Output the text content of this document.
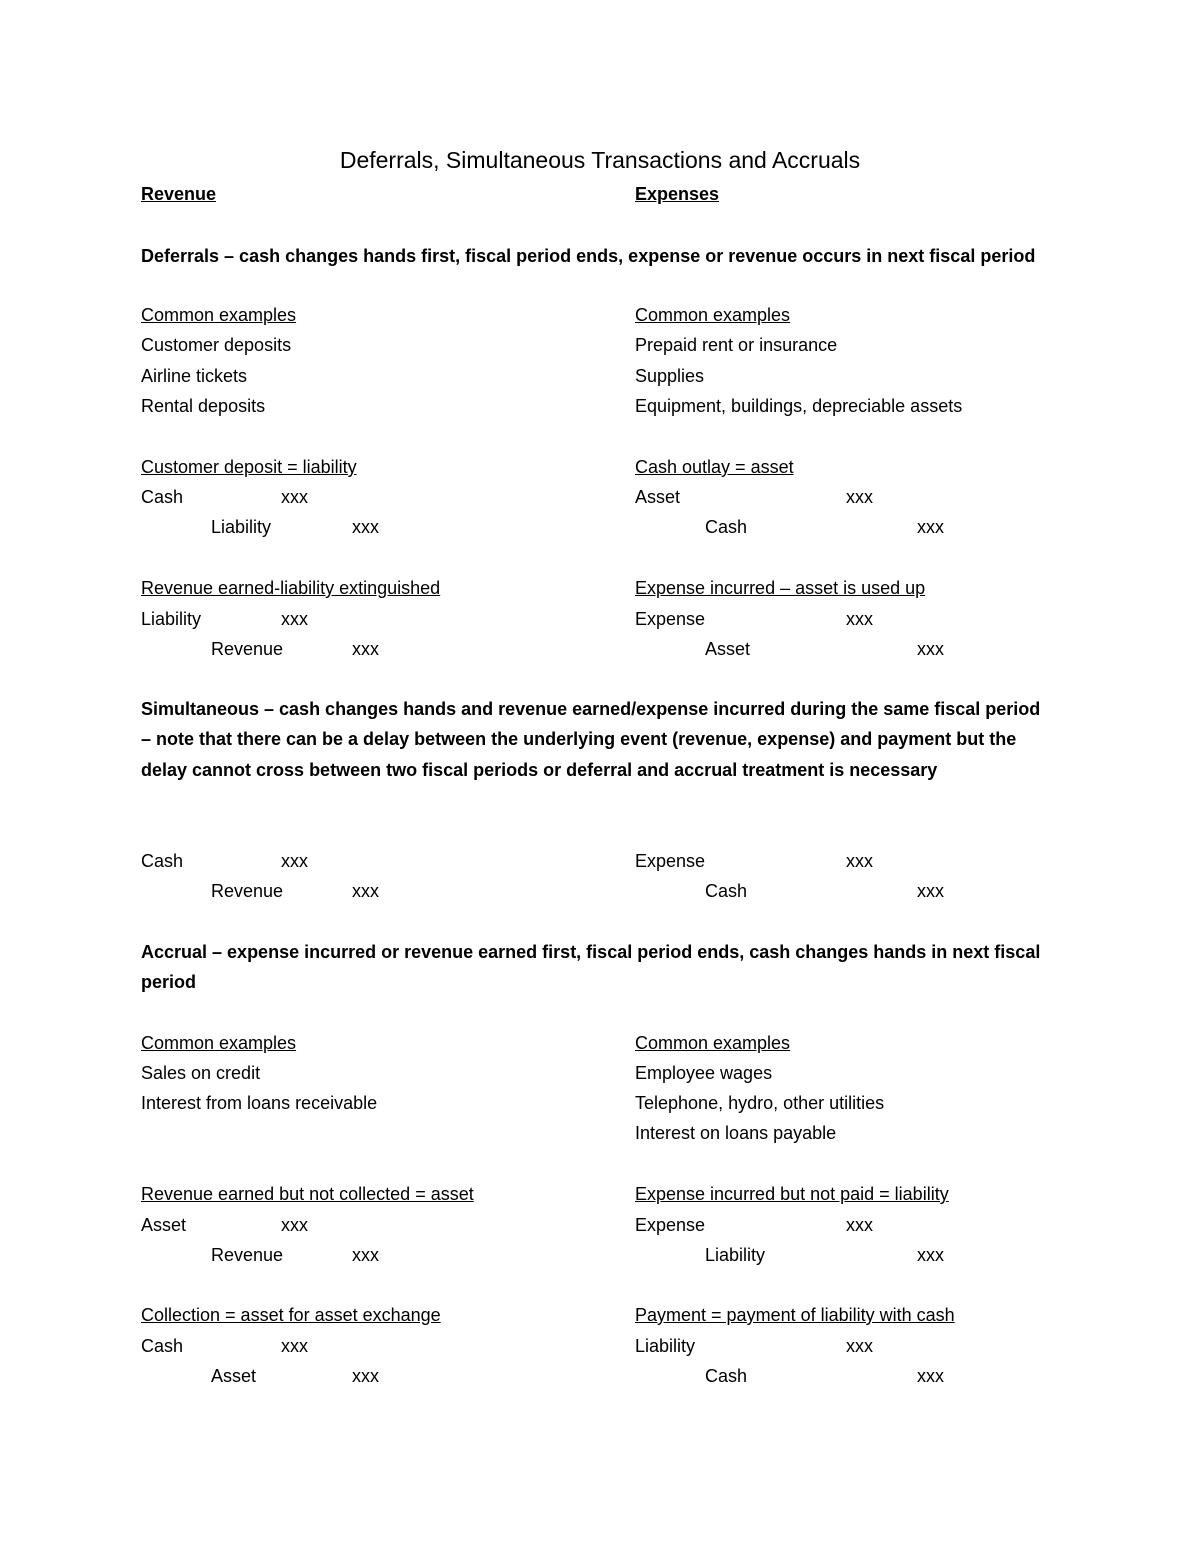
Deferrals, Simultaneous Transactions and Accruals
Revenue	Expenses
Deferrals – cash changes hands first, fiscal period ends, expense or revenue occurs in next fiscal period
Common examples
Customer deposits
Airline tickets
Rental deposits
Customer deposit = liability
Cash	xxx
Liability	xxx
Revenue earned-liability extinguished
Liability	xxx
Revenue	xxx
Common examples
Prepaid rent or insurance
Supplies
Equipment, buildings, depreciable assets
Cash outlay = asset
Asset	xxx
Cash	xxx
Expense incurred – asset is used up
Expense	xxx
Asset	xxx
Simultaneous – cash changes hands and revenue earned/expense incurred during the same fiscal period – note that there can be a delay between the underlying event (revenue, expense) and payment but the delay cannot cross between two fiscal periods or deferral and accrual treatment is necessary
Cash	xxx
Revenue	xxx
Expense	xxx
Cash	xxx
Accrual – expense incurred or revenue earned first, fiscal period ends, cash changes hands in next fiscal period
Common examples
Sales on credit
Interest from loans receivable
Revenue earned but not collected = asset
Asset	xxx
Revenue	xxx
Collection = asset for asset exchange
Cash	xxx
Asset	xxx
Common examples
Employee wages
Telephone, hydro, other utilities
Interest on loans payable
Expense incurred but not paid = liability
Expense	xxx
Liability	xxx
Payment = payment of liability with cash
Liability	xxx
Cash	xxx
